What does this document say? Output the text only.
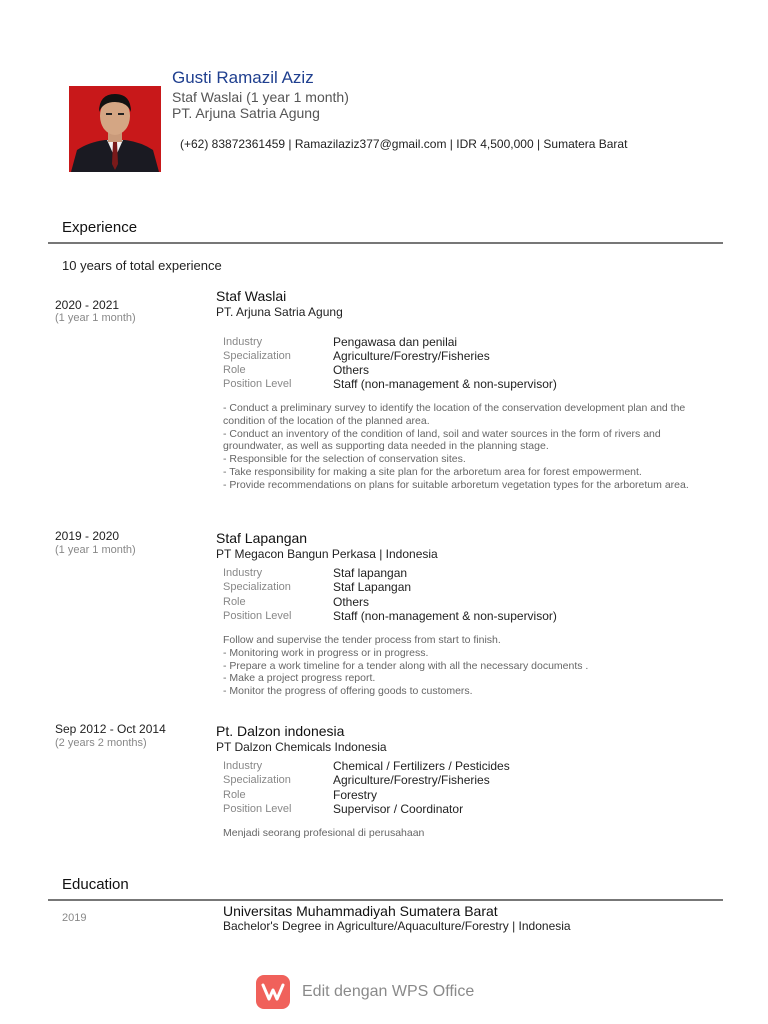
Gusti Ramazil Aziz
Staf Waslai (1 year 1 month)
PT. Arjuna Satria Agung
(+62) 83872361459 | Ramazilaziz377@gmail.com | IDR 4,500,000 | Sumatera Barat
Experience
10 years of total experience
2020 - 2021
(1 year 1 month)
Staf Waslai
PT. Arjuna Satria Agung
Industry	Pengawasa dan penilai
Specialization	Agriculture/Forestry/Fisheries
Role	Others
Position Level	Staff (non-management & non-supervisor)
- Conduct a preliminary survey to identify the location of the conservation development plan and the condition of the location of the planned area.
- Conduct an inventory of the condition of land, soil and water sources in the form of rivers and groundwater, as well as supporting data needed in the planning stage.
- Responsible for the selection of conservation sites.
- Take responsibility for making a site plan for the arboretum area for forest empowerment.
- Provide recommendations on plans for suitable arboretum vegetation types for the arboretum area.
2019 - 2020
(1 year 1 month)
Staf Lapangan
PT Megacon Bangun Perkasa | Indonesia
Industry	Staf lapangan
Specialization	Staf Lapangan
Role	Others
Position Level	Staff (non-management & non-supervisor)
Follow and supervise the tender process from start to finish.
- Monitoring work in progress or in progress.
- Prepare a work timeline for a tender along with all the necessary documents .
- Make a project progress report.
- Monitor the progress of offering goods to customers.
Sep 2012 - Oct 2014
(2 years 2 months)
Pt. Dalzon indonesia
PT Dalzon Chemicals Indonesia
Industry	Chemical / Fertilizers / Pesticides
Specialization	Agriculture/Forestry/Fisheries
Role	Forestry
Position Level	Supervisor / Coordinator
Menjadi seorang profesional di perusahaan
Education
2019	Universitas Muhammadiyah Sumatera Barat
Bachelor's Degree in Agriculture/Aquaculture/Forestry | Indonesia
Edit dengan WPS Office
